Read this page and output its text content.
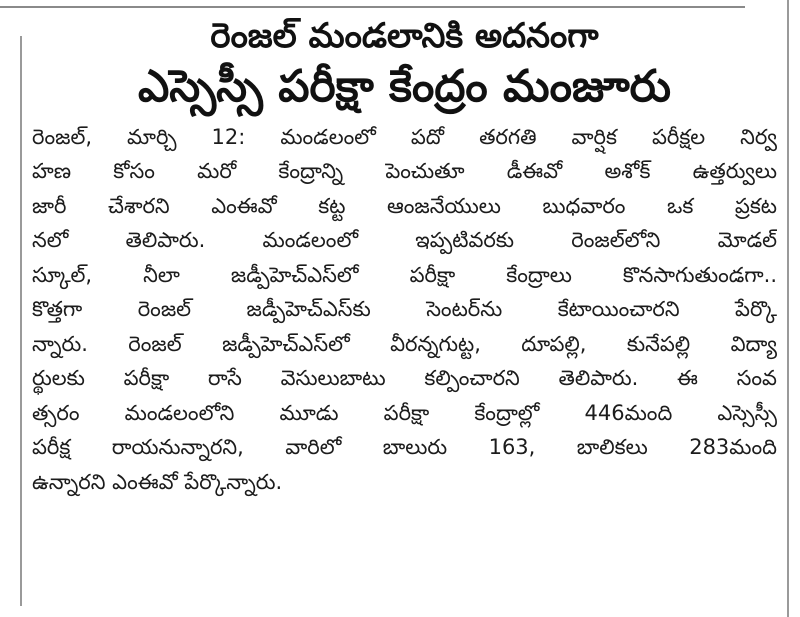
రెంజల్ మండలానికి అదనంగా
ఎస్సెస్సీ పరీక్షా కేంద్రం మంజూరు
రెంజల్, మార్చి 12: మండలంలో పదో తరగతి వార్షిక పరీక్షల నిర్వ
హణ కోసం మరో కేంద్రాన్ని పెంచుతూ డీఈవో అశోక్ ఉత్తర్వులు
జారీ చేశారని ఎంఈవో కట్ట ఆంజనేయులు బుధవారం ఒక ప్రకట
నలో తెలిపారు. మండలంలో ఇప్పటివరకు రెంజల్‌లోని మోడల్
స్కూల్, నీలా జడ్పీహెచ్ఎస్‌లో పరీక్షా కేంద్రాలు కొనసాగుతుండగా..
కొత్తగా రెంజల్ జడ్పీహెచ్ఎస్‌కు సెంటర్‌ను కేటాయించారని పేర్కొ
న్నారు. రెంజల్ జడ్పీహెచ్ఎస్‌లో వీరన్నగుట్ట, దూపల్లి, కునేపల్లి విద్యా
ర్థులకు పరీక్షా రాసే వెసులుబాటు కల్పించారని తెలిపారు. ఈ సంవ
త్సరం మండలంలోని మూడు పరీక్షా కేంద్రాల్లో 446మంది ఎస్సెస్సీ
పరీక్ష రాయనున్నారని, వారిలో బాలురు 163, బాలికలు 283మంది
ఉన్నారని ఎంఈవో పేర్కొన్నారు.
